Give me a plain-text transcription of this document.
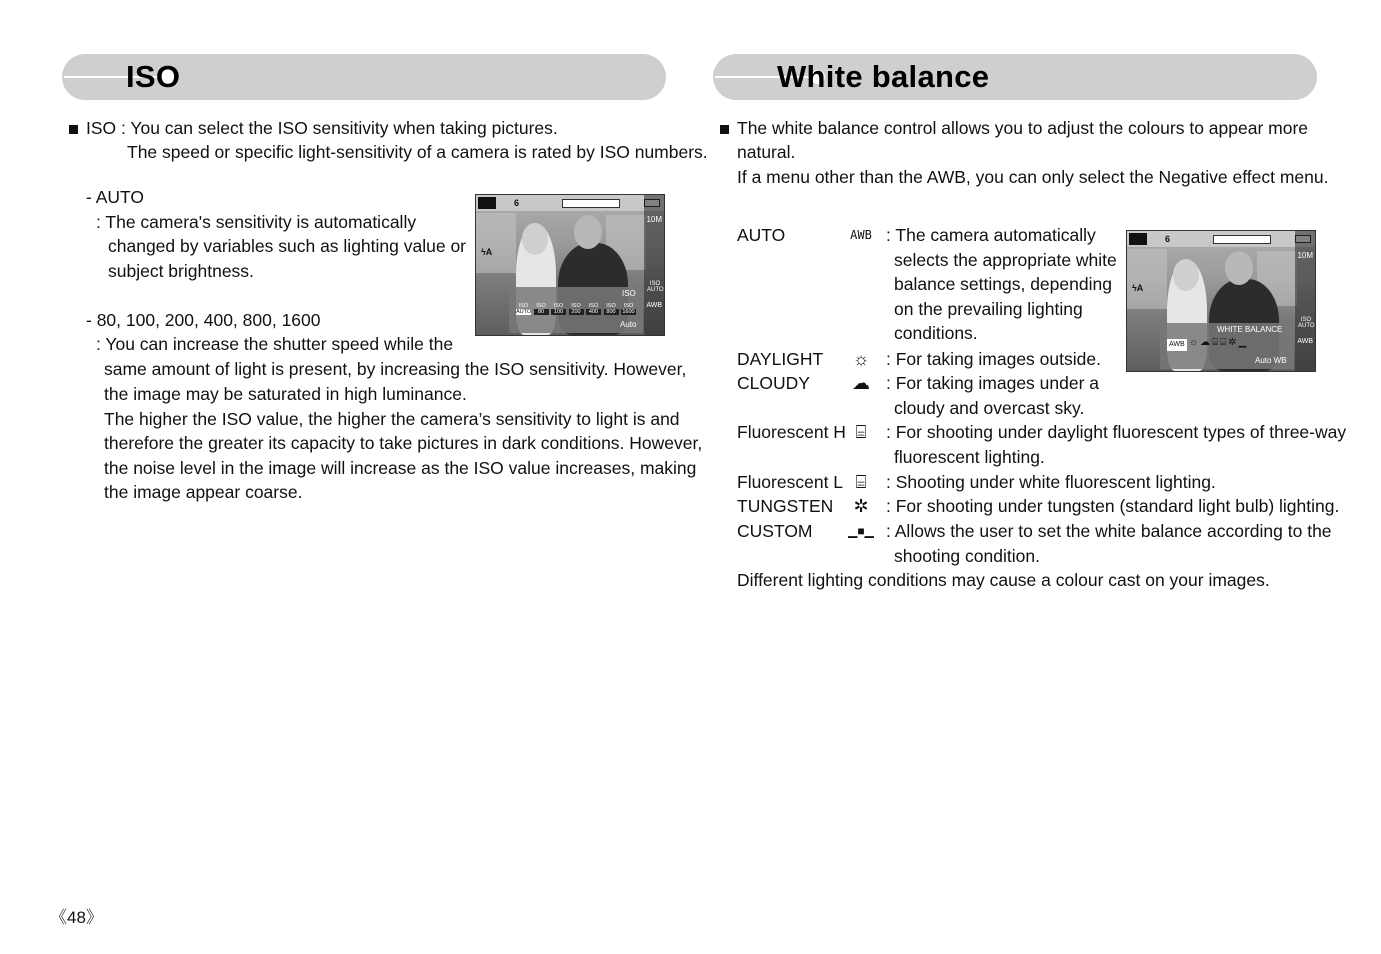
ISO
ISO : You can select the ISO sensitivity when taking pictures.
The speed or specific light-sensitivity of a camera is rated by ISO numbers.
- AUTO
: The camera's sensitivity is automatically
changed by variables such as lighting value or
subject brightness.
- 80, 100, 200, 400, 800, 1600
: You can increase the shutter speed while the
same amount of light is present, by increasing the ISO sensitivity. However,
the image may be saturated in high luminance.
The higher the ISO value, the higher the camera’s sensitivity to light is and
therefore the greater its capacity to take pictures in dark conditions. However,
the noise level in the image will increase as the ISO value increases, making
the image appear coarse.
6
ϟA
10M
ISO AUTO
AWB
ISO
Auto
ISO
AUTO
ISO
80
ISO
100
ISO
200
ISO
400
ISO
800
ISO
1600
White balance
The white balance control allows you to adjust the colours to appear more
natural.
If a menu other than the AWB, you can only select the Negative effect menu.
AUTO	AWB : The camera automatically
selects the appropriate white
balance settings, depending
on the prevailing lighting
conditions.
DAYLIGHT	☼ : For taking images outside.
CLOUDY	☁ : For taking images under a
cloudy and overcast sky.
Fluorescent H ⌸	: For shooting under daylight fluorescent types of three-way
fluorescent lighting.
Fluorescent L ⌸	: Shooting under white fluorescent lighting.
TUNGSTEN	✲ : For shooting under tungsten (standard light bulb) lighting.
CUSTOM	▁■▁ : Allows the user to set the white balance according to the
shooting condition.
Different lighting conditions may cause a colour cast on your images.
6
ϟA
10M
ISO AUTO
AWB
WHITE BALANCE
AWB ☼☁⌸⌸✲▁
Auto WB
《48》
